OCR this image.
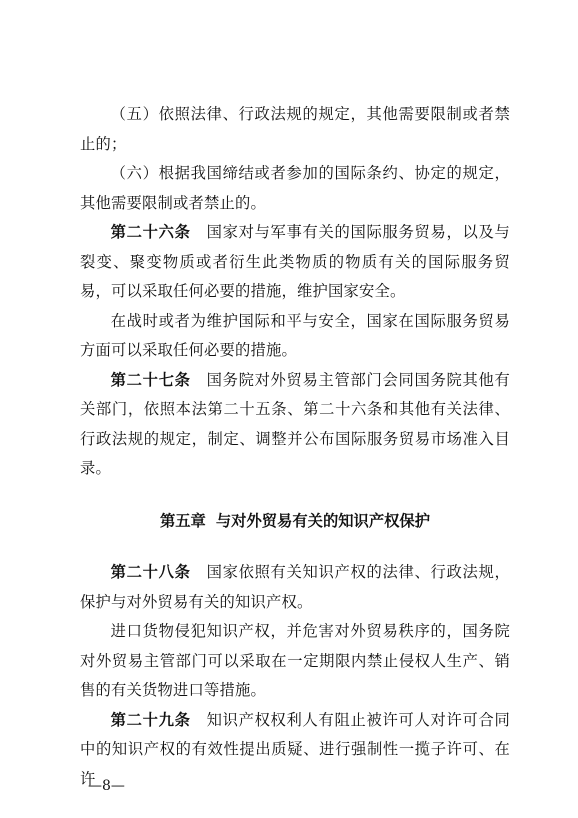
（五）依照法律、行政法规的规定，其他需要限制或者禁止的；

（六）根据我国缔结或者参加的国际条约、协定的规定，其他需要限制或者禁止的。

第二十六条　 国家对与军事有关的国际服务贸易，以及与裂变、聚变物质或者衍生此类物质的物质有关的国际服务贸易，可以采取任何必要的措施，维护国家安全。

在战时或者为维护国际和平与安全，国家在国际服务贸易方面可以采取任何必要的措施。

第二十七条　 国务院对外贸易主管部门会同国务院其他有关部门，依照本法第二十五条、第二十六条和其他有关法律、行政法规的规定，制定、调整并公布国际服务贸易市场准入目录。

第五章 与对外贸易有关的知识产权保护

第二十八条　 国家依照有关知识产权的法律、行政法规，保护与对外贸易有关的知识产权。

进口货物侵犯知识产权，并危害对外贸易秩序的，国务院对外贸易主管部门可以采取在一定期限内禁止侵权人生产、销售的有关货物进口等措施。

第二十九条　 知识产权权利人有阻止被许可人对许可合同中的知识产权的有效性提出质疑、进行强制性一揽子许可、在许

—8—
